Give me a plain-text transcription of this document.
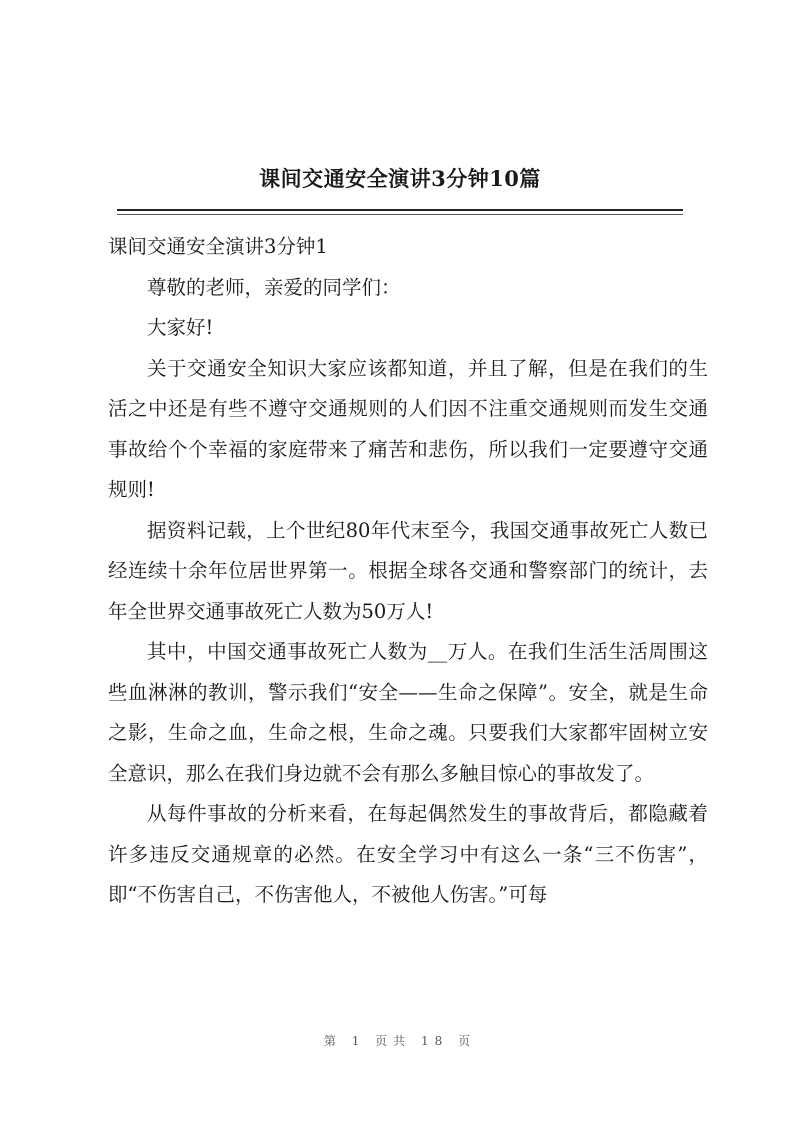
课间交通安全演讲3分钟10篇

课间交通安全演讲3分钟1

尊敬的老师，亲爱的同学们：

大家好!

关于交通安全知识大家应该都知道，并且了解，但是在我们的生活之中还是有些不遵守交通规则的人们因不注重交通规则而发生交通事故给个个幸福的家庭带来了痛苦和悲伤，所以我们一定要遵守交通规则!

据资料记载，上个世纪80年代末至今，我国交通事故死亡人数已经连续十余年位居世界第一。根据全球各交通和警察部门的统计，去年全世界交通事故死亡人数为50万人!

其中，中国交通事故死亡人数为__万人。在我们生活生活周围这些血淋淋的教训，警示我们“安全——生命之保障”。安全，就是生命之影，生命之血，生命之根，生命之魂。只要我们大家都牢固树立安全意识，那么在我们身边就不会有那么多触目惊心的事故发了。

从每件事故的分析来看，在每起偶然发生的事故背后，都隐藏着许多违反交通规章的必然。在安全学习中有这么一条“三不伤害”，即“不伤害自己，不伤害他人，不被他人伤害。”可每

第 1 页共 18 页
